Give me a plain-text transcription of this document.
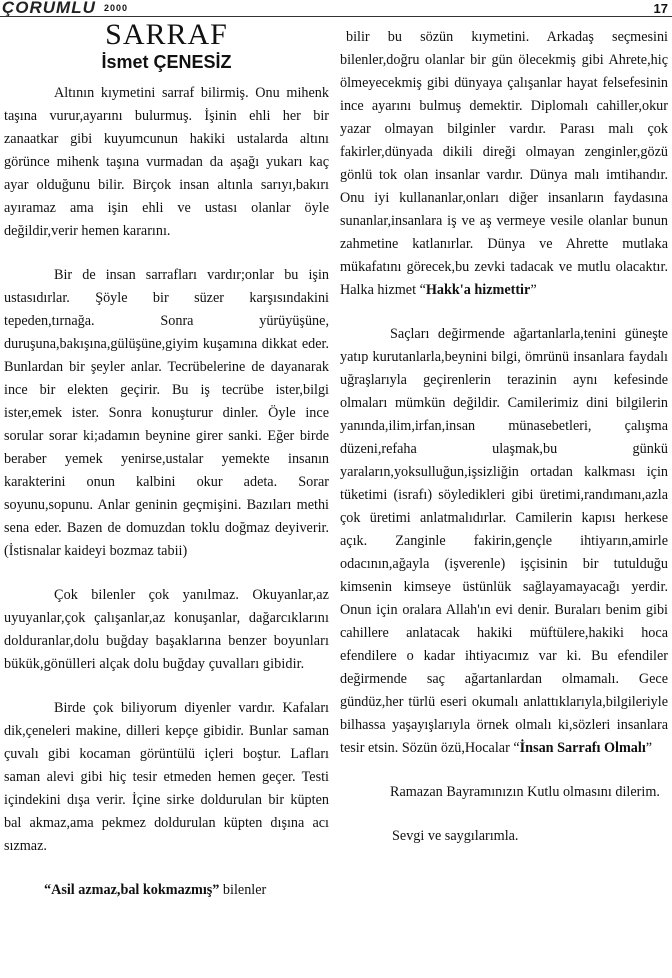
ÇORUMLU 2000	17
SARRAF
İsmet ÇENESİZ

Altının kıymetini sarraf bilirmiş. Onu mihenk taşına vurur,ayarını bulurmuş. İşinin ehli her bir zanaatkar gibi kuyumcunun hakiki ustalarda altını görünce mihenk taşına vurmadan da aşağı yukarı kaç ayar olduğunu bilir. Birçok insan altınla sarıyı,bakırı ayıramaz ama işin ehli ve ustası olanlar öyle değildir,verir hemen kararını.

Bir de insan sarrafları vardır;onlar bu işin ustasıdırlar. Şöyle bir süzer karşısındakini tepeden,tırnağa. Sonra yürüyüşüne, duruşuna,bakışına,gülüşüne,giyim kuşamına dikkat eder. Bunlardan bir şeyler anlar. Tecrübelerine de dayanarak ince bir elekten geçirir. Bu iş tecrübe ister,bilgi ister,emek ister. Sonra konuşturur dinler. Öyle ince sorular sorar ki;adamın beynine girer sanki. Eğer birde beraber yemek yenirse,ustalar yemekte insanın karakterini onun kalbini okur adeta. Sorar soyunu,sopunu. Anlar geninin geçmişini. Bazıları methi sena eder. Bazen de domuzdan toklu doğmaz deyiverir. (İstisnalar kaideyi bozmaz tabii)

Çok bilenler çok yanılmaz. Okuyanlar,az uyuyanlar,çok çalışanlar,az konuşanlar, dağarcıklarını dolduranlar,dolu buğday başaklarına benzer boyunları bükük,gönülleri alçak dolu buğday çuvalları gibidir.

Birde çok biliyorum diyenler vardır. Kafaları dik,çeneleri makine, dilleri kepçe gibidir. Bunlar saman çuvalı gibi kocaman görüntülü içleri boştur. Lafları saman alevi gibi hiç tesir etmeden hemen geçer. Testi içindekini dışa verir. İçine sirke doldurulan bir küpten bal akmaz,ama pekmez doldurulan küpten dışına acı sızmaz.

“Asil azmaz,bal kokmazmış” bilenler

bilir bu sözün kıymetini. Arkadaş seçmesini bilenler,doğru olanlar bir gün ölecekmiş gibi Ahrete,hiç ölmeyecekmiş gibi dünyaya çalışanlar hayat felsefesinin ince ayarını bulmuş demektir. Diplomalı cahiller,okur yazar olmayan bilginler vardır. Parası malı çok fakirler,dünyada dikili direği olmayan zenginler,gözü gönlü tok olan insanlar vardır. Dünya malı imtihandır. Onu iyi kullananlar,onları diğer insanların faydasına sunanlar,insanlara iş ve aş vermeye vesile olanlar bunun zahmetine katlanırlar. Dünya ve Ahrette mutlaka mükafatını görecek,bu zevki tadacak ve mutlu olacaktır. Halka hizmet “Hakk'a hizmettir”

Saçları değirmende ağartanlarla,tenini güneşte yatıp kurutanlarla,beynini bilgi, ömrünü insanlara faydalı uğraşlarıyla geçirenlerin terazinin aynı kefesinde olmaları mümkün değildir. Camilerimiz dini bilgilerin yanında,ilim,irfan,insan münasebetleri, çalışma düzeni,refaha ulaşmak,bu günkü yaraların,yoksulluğun,işsizliğin ortadan kalkması için tüketimi (israfı) söyledikleri gibi üretimi,randımanı,azla çok üretimi anlatmalıdırlar. Camilerin kapısı herkese açık. Zanginle fakirin,gençle ihtiyarın,amirle odacının,ağayla (işverenle) işçisinin bir tutulduğu kimsenin kimseye üstünlük sağlayamayacağı yerdir. Onun için oralara Allah'ın evi denir. Buraları benim gibi cahillere anlatacak hakiki müftülere,hakiki hoca efendilere o kadar ihtiyacımız var ki. Bu efendiler değirmende saç ağartanlardan olmamalı. Gece gündüz,her türlü eseri okumalı anlattıklarıyla,bilgileriyle bilhassa yaşayışlarıyla örnek olmalı ki,sözleri insanlara tesir etsin. Sözün özü,Hocalar “İnsan Sarrafı Olmalı”

Ramazan Bayramınızın Kutlu olmasını dilerim.

Sevgi ve saygılarımla.
